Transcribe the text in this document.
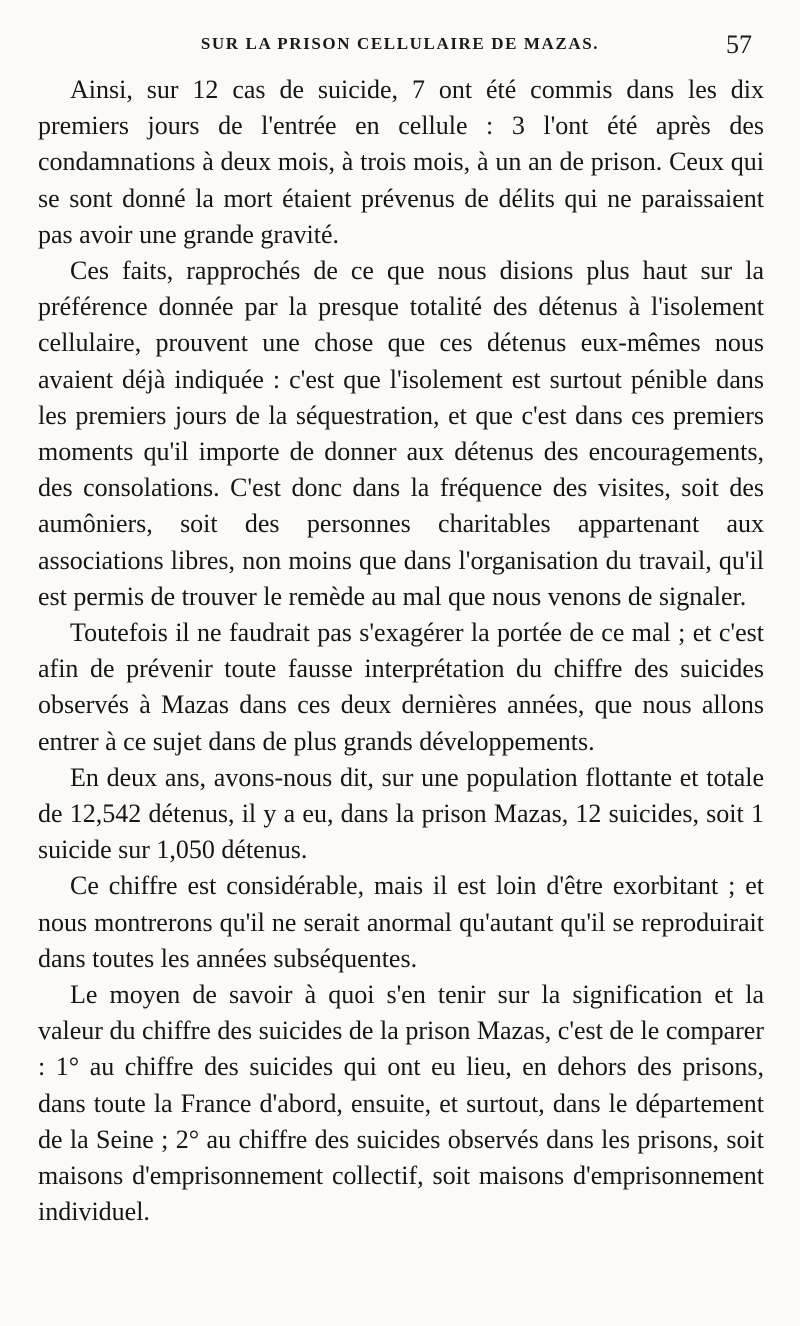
SUR LA PRISON CELLULAIRE DE MAZAS.	57

Ainsi, sur 12 cas de suicide, 7 ont été commis dans les dix premiers jours de l'entrée en cellule : 3 l'ont été après des condamnations à deux mois, à trois mois, à un an de prison. Ceux qui se sont donné la mort étaient prévenus de délits qui ne paraissaient pas avoir une grande gravité.

Ces faits, rapprochés de ce que nous disions plus haut sur la préférence donnée par la presque totalité des détenus à l'isolement cellulaire, prouvent une chose que ces détenus eux-mêmes nous avaient déjà indiquée : c'est que l'isolement est surtout pénible dans les premiers jours de la séquestration, et que c'est dans ces premiers moments qu'il importe de donner aux détenus des encouragements, des consolations. C'est donc dans la fréquence des visites, soit des aumôniers, soit des personnes charitables appartenant aux associations libres, non moins que dans l'organisation du travail, qu'il est permis de trouver le remède au mal que nous venons de signaler.

Toutefois il ne faudrait pas s'exagérer la portée de ce mal ; et c'est afin de prévenir toute fausse interprétation du chiffre des suicides observés à Mazas dans ces deux dernières années, que nous allons entrer à ce sujet dans de plus grands développements.

En deux ans, avons-nous dit, sur une population flottante et totale de 12,542 détenus, il y a eu, dans la prison Mazas, 12 suicides, soit 1 suicide sur 1,050 détenus.

Ce chiffre est considérable, mais il est loin d'être exorbitant ; et nous montrerons qu'il ne serait anormal qu'autant qu'il se reproduirait dans toutes les années subséquentes.

Le moyen de savoir à quoi s'en tenir sur la signification et la valeur du chiffre des suicides de la prison Mazas, c'est de le comparer : 1° au chiffre des suicides qui ont eu lieu, en dehors des prisons, dans toute la France d'abord, ensuite, et surtout, dans le département de la Seine ; 2° au chiffre des suicides observés dans les prisons, soit maisons d'emprisonnement collectif, soit maisons d'emprisonnement individuel.
